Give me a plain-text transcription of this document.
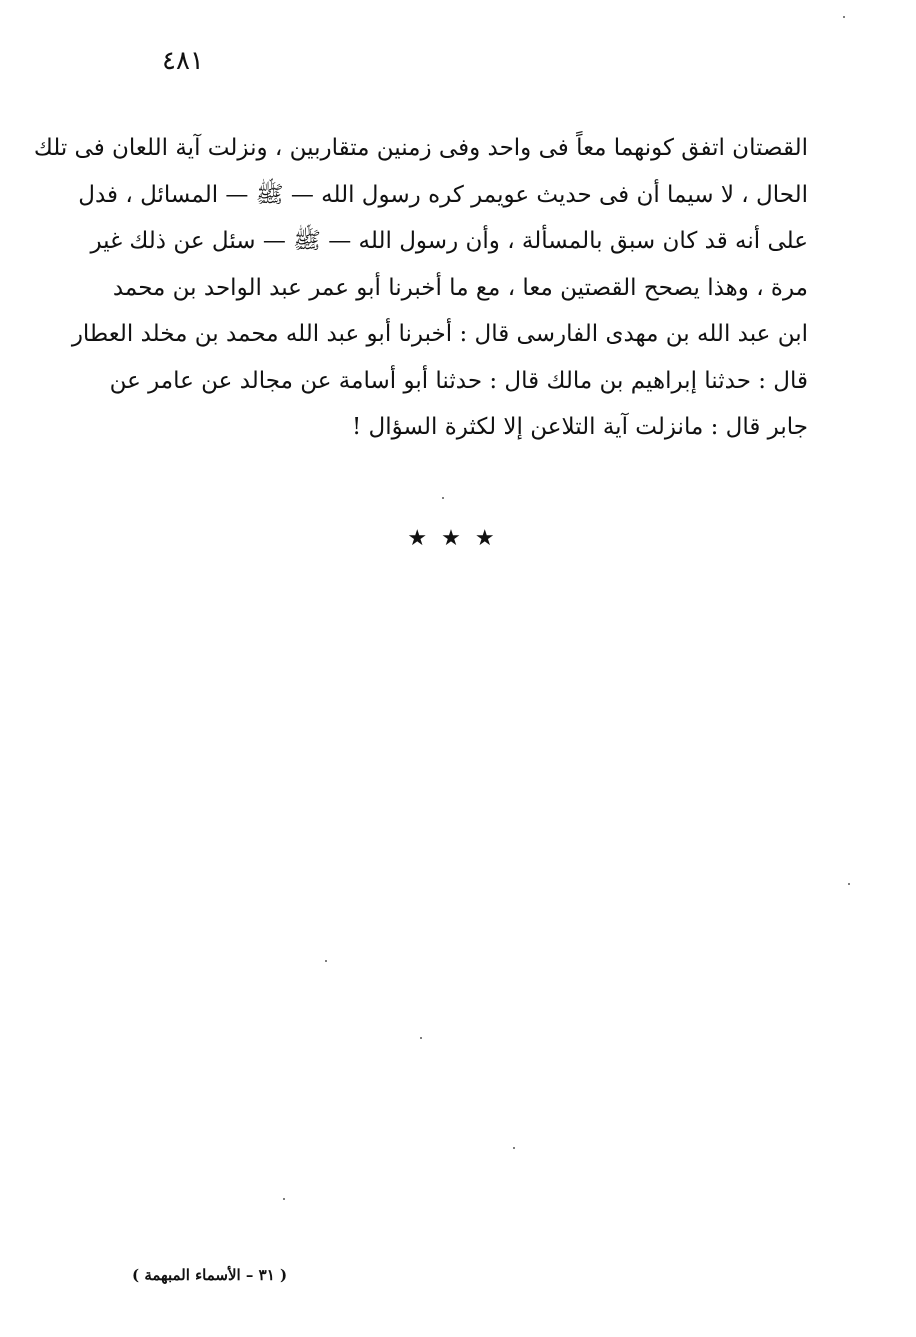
٤٨١
القصتان اتفق كونهما معاً فى واحد وفى زمنين متقاربين ، ونزلت آية اللعان فى تلك
الحال ، لا سيما أن فى حديث عويمر كره رسول الله — ﷺ — المسائل ، فدل
على أنه قد كان سبق بالمسألة ، وأن رسول الله — ﷺ — سئل عن ذلك غير
مرة ، وهذا يصحح القصتين معا ، مع ما أخبرنا أبو عمر عبد الواحد بن محمد
ابن عبد الله بن مهدى الفارسى قال : أخبرنا أبو عبد الله محمد بن مخلد العطار
قال : حدثنا إبراهيم بن مالك قال : حدثنا أبو أسامة عن مجالد عن عامر عن
جابر قال : مانزلت آية التلاعن إلا لكثرة السؤال !
★★★
( ٣١ – الأسماء المبهمة )
